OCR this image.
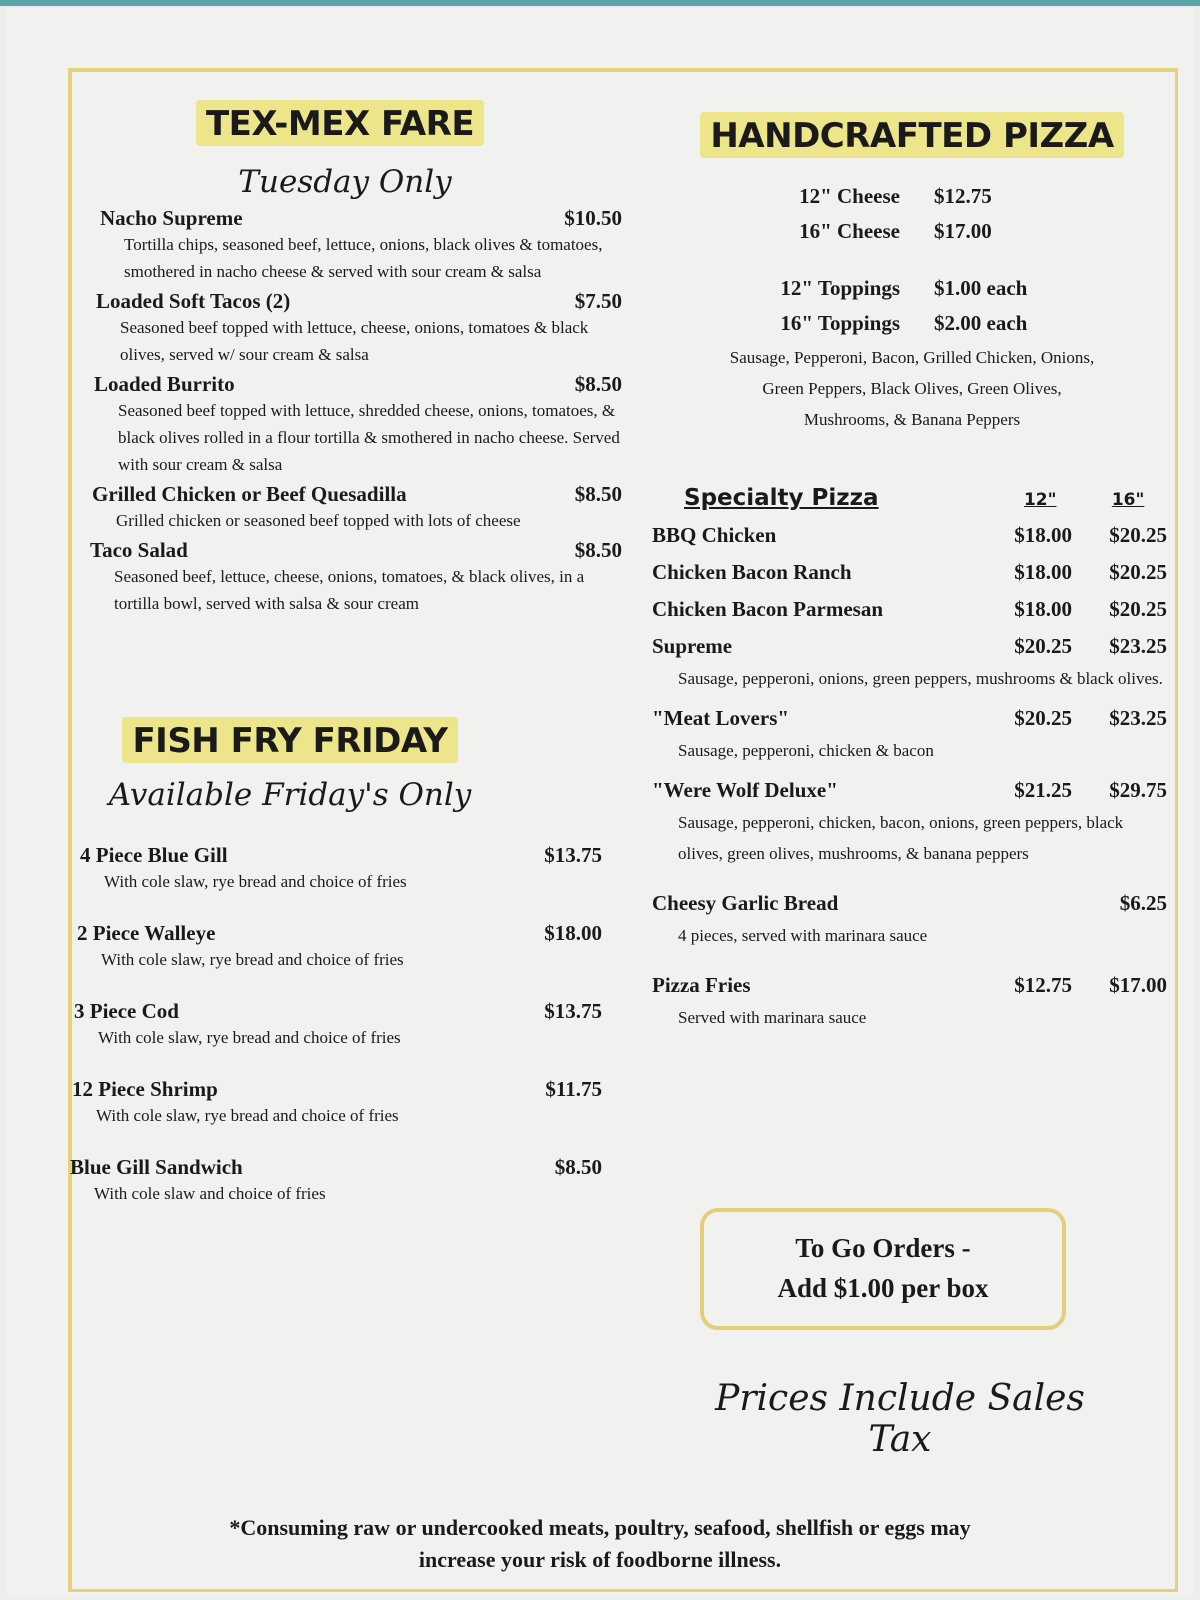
TEX-MEX FARE
Tuesday Only
Nacho Supreme	$10.50
Tortilla chips, seasoned beef, lettuce, onions, black olives & tomatoes, smothered in nacho cheese & served with sour cream & salsa
Loaded Soft Tacos (2)	$7.50
Seasoned beef topped with lettuce, cheese, onions, tomatoes & black olives, served w/ sour cream & salsa
Loaded Burrito	$8.50
Seasoned beef topped with lettuce, shredded cheese, onions, tomatoes, & black olives rolled in a flour tortilla & smothered in nacho cheese. Served with sour cream & salsa
Grilled Chicken or Beef Quesadilla	$8.50
Grilled chicken or seasoned beef topped with lots of cheese
Taco Salad	$8.50
Seasoned beef, lettuce, cheese, onions, tomatoes, & black olives, in a tortilla bowl, served with salsa & sour cream
FISH FRY FRIDAY
Available Friday's Only
4 Piece Blue Gill	$13.75
With cole slaw, rye bread and choice of fries
2 Piece Walleye	$18.00
With cole slaw, rye bread and choice of fries
3 Piece Cod	$13.75
With cole slaw, rye bread and choice of fries
12 Piece Shrimp	$11.75
With cole slaw, rye bread and choice of fries
Blue Gill Sandwich	$8.50
With cole slaw and choice of fries
HANDCRAFTED PIZZA
12" Cheese $12.75
16" Cheese $17.00
12" Toppings $1.00 each
16" Toppings $2.00 each
Sausage, Pepperoni, Bacon, Grilled Chicken, Onions,
Green Peppers, Black Olives, Green Olives,
Mushrooms, & Banana Peppers
Specialty Pizza	12"	16"
BBQ Chicken	$18.00	$20.25
Chicken Bacon Ranch	$18.00	$20.25
Chicken Bacon Parmesan	$18.00	$20.25
Supreme	$20.25	$23.25
Sausage, pepperoni, onions, green peppers, mushrooms & black olives.
"Meat Lovers"	$20.25	$23.25
Sausage, pepperoni, chicken & bacon
"Were Wolf Deluxe"	$21.25	$29.75
Sausage, pepperoni, chicken, bacon, onions, green peppers, black olives, green olives, mushrooms, & banana peppers
Cheesy Garlic Bread	$6.25
4 pieces, served with marinara sauce
Pizza Fries	$12.75	$17.00
Served with marinara sauce
To Go Orders -
Add $1.00 per box
Prices Include Sales Tax
*Consuming raw or undercooked meats, poultry, seafood, shellfish or eggs may
increase your risk of foodborne illness.
